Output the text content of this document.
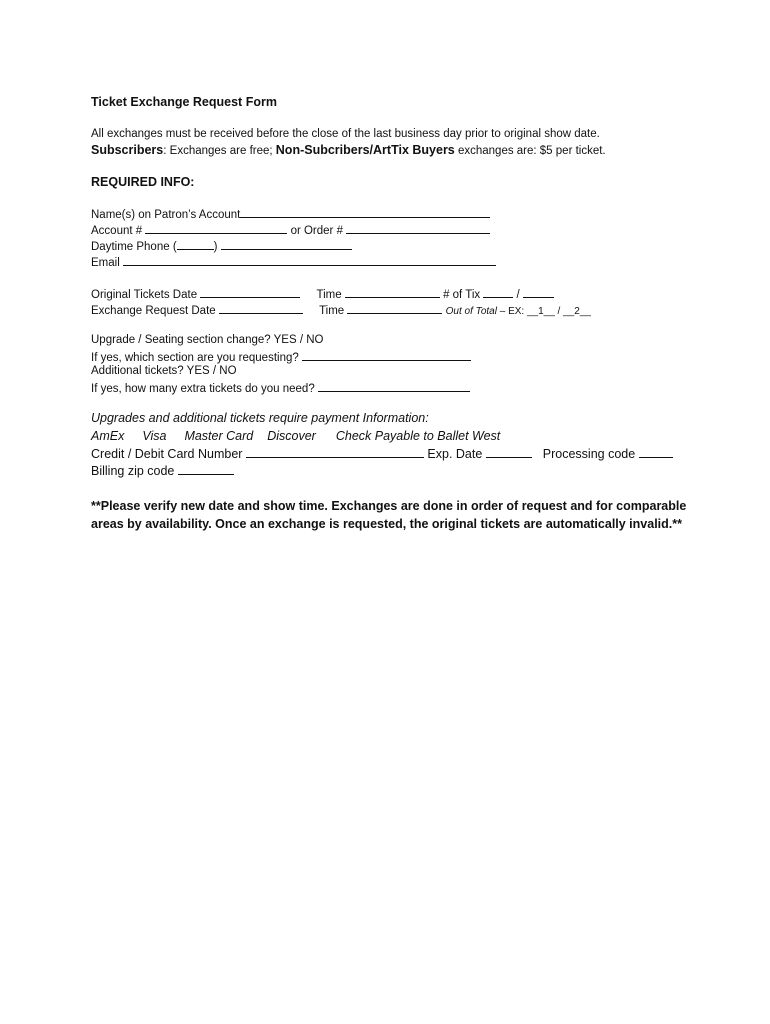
Ticket Exchange Request Form
All exchanges must be received before the close of the last business day prior to original show date.
Subscribers: Exchanges are free; Non-Subcribers/ArtTix Buyers exchanges are: $5 per ticket.
REQUIRED INFO:
Name(s) on Patron’s Account
Account #	or Order #
Daytime Phone (	)
Email
Original Tickets Date	Time	# of Tix	/
Exchange Request Date	Time	Out of Total – EX: __1__ / __2__
Upgrade / Seating section change? YES / NO
If yes, which section are you requesting?
Additional tickets? YES / NO
If yes, how many extra tickets do you need?
Upgrades and additional tickets require payment Information:
AmEx Visa Master Card Discover Check Payable to Ballet West
Credit / Debit Card Number	Exp. Date	Processing code
Billing zip code
**Please verify new date and show time. Exchanges are done in order of request and for comparable
areas by availability. Once an exchange is requested, the original tickets are automatically invalid.**
